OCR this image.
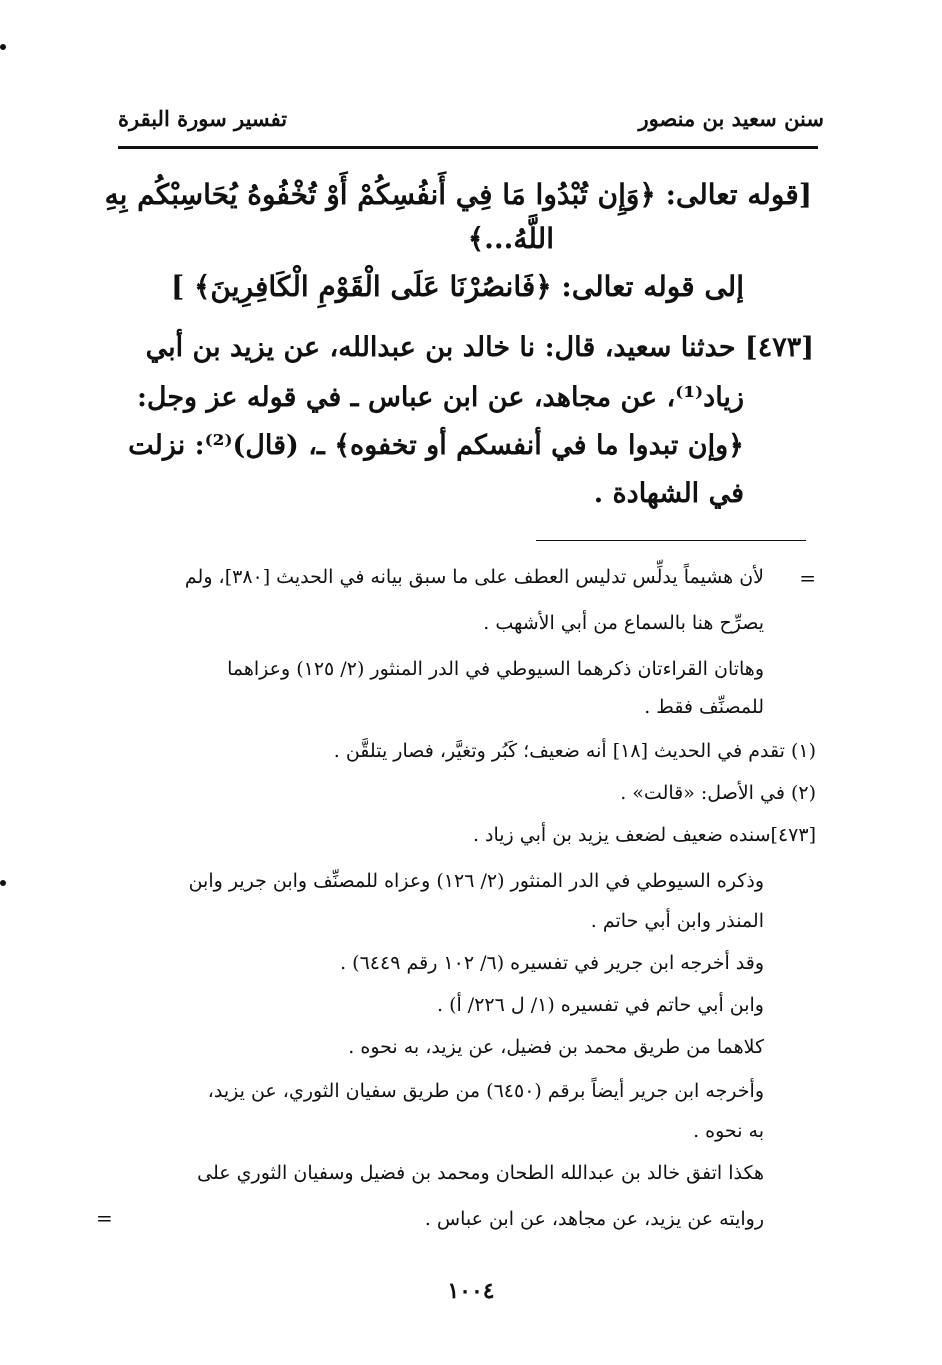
سنن سعيد بن منصور
تفسير سورة البقرة
[قوله تعالى: ﴿وَإِن تُبْدُوا مَا فِي أَنفُسِكُمْ أَوْ تُخْفُوهُ يُحَاسِبْكُم بِهِ
اللَّهُ...﴾
إلى قوله تعالى: ﴿فَانصُرْنَا عَلَى الْقَوْمِ الْكَافِرِينَ﴾ ]
[٤٧٣] حدثنا سعيد، قال: نا خالد بن عبدالله، عن يزيد بن أبي
زياد⁽¹⁾، عن مجاهد، عن ابن عباس ـ في قوله عز وجل:
﴿وإن تبدوا ما في أنفسكم أو تخفوه﴾ ـ، (قال)⁽²⁾: نزلت
في الشهادة .
=
لأن هشيماً يدلِّس تدليس العطف على ما سبق بيانه في الحديث [٣٨٠]، ولم
يصرِّح هنا بالسماع من أبي الأشهب .
وهاتان القراءتان ذكرهما السيوطي في الدر المنثور (٢/ ١٢٥) وعزاهما
للمصنِّف فقط .
(١) تقدم في الحديث [١٨] أنه ضعيف؛ كَبُر وتغيَّر، فصار يتلقَّن .
(٢) في الأصل: «قالت» .
[٤٧٣]سنده ضعيف لضعف يزيد بن أبي زياد .
وذكره السيوطي في الدر المنثور (٢/ ١٢٦) وعزاه للمصنِّف وابن جرير وابن
المنذر وابن أبي حاتم .
وقد أخرجه ابن جرير في تفسيره (٦/ ١٠٢ رقم ٦٤٤٩) .
وابن أبي حاتم في تفسيره (١/ ل ٢٢٦/ أ) .
كلاهما من طريق محمد بن فضيل، عن يزيد، به نحوه .
وأخرجه ابن جرير أيضاً برقم (٦٤٥٠) من طريق سفيان الثوري، عن يزيد،
به نحوه .
هكذا اتفق خالد بن عبدالله الطحان ومحمد بن فضيل وسفيان الثوري على
روايته عن يزيد، عن مجاهد، عن ابن عباس .
=
١٠٠٤
